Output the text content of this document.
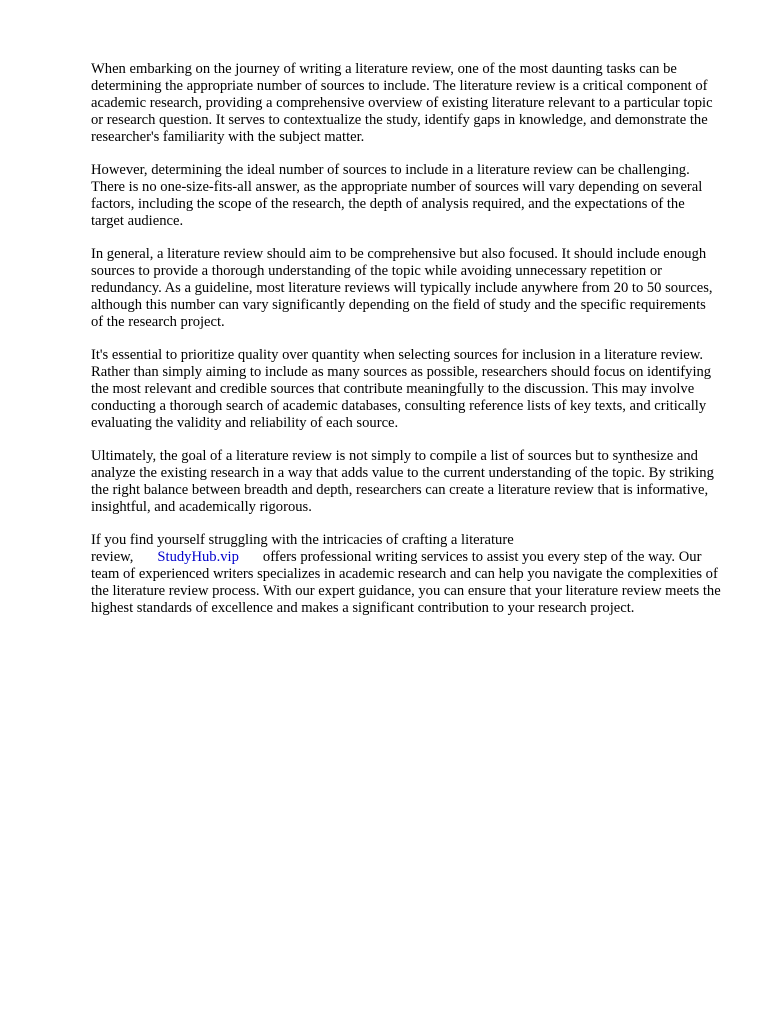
When embarking on the journey of writing a literature review, one of the most daunting tasks can be determining the appropriate number of sources to include. The literature review is a critical component of academic research, providing a comprehensive overview of existing literature relevant to a particular topic or research question. It serves to contextualize the study, identify gaps in knowledge, and demonstrate the researcher's familiarity with the subject matter.

However, determining the ideal number of sources to include in a literature review can be challenging. There is no one-size-fits-all answer, as the appropriate number of sources will vary depending on several factors, including the scope of the research, the depth of analysis required, and the expectations of the target audience.

In general, a literature review should aim to be comprehensive but also focused. It should include enough sources to provide a thorough understanding of the topic while avoiding unnecessary repetition or redundancy. As a guideline, most literature reviews will typically include anywhere from 20 to 50 sources, although this number can vary significantly depending on the field of study and the specific requirements of the research project.

It's essential to prioritize quality over quantity when selecting sources for inclusion in a literature review. Rather than simply aiming to include as many sources as possible, researchers should focus on identifying the most relevant and credible sources that contribute meaningfully to the discussion. This may involve conducting a thorough search of academic databases, consulting reference lists of key texts, and critically evaluating the validity and reliability of each source.

Ultimately, the goal of a literature review is not simply to compile a list of sources but to synthesize and analyze the existing research in a way that adds value to the current understanding of the topic. By striking the right balance between breadth and depth, researchers can create a literature review that is informative, insightful, and academically rigorous.

If you find yourself struggling with the intricacies of crafting a literature review, StudyHub.vip offers professional writing services to assist you every step of the way. Our team of experienced writers specializes in academic research and can help you navigate the complexities of the literature review process. With our expert guidance, you can ensure that your literature review meets the highest standards of excellence and makes a significant contribution to your research project.
